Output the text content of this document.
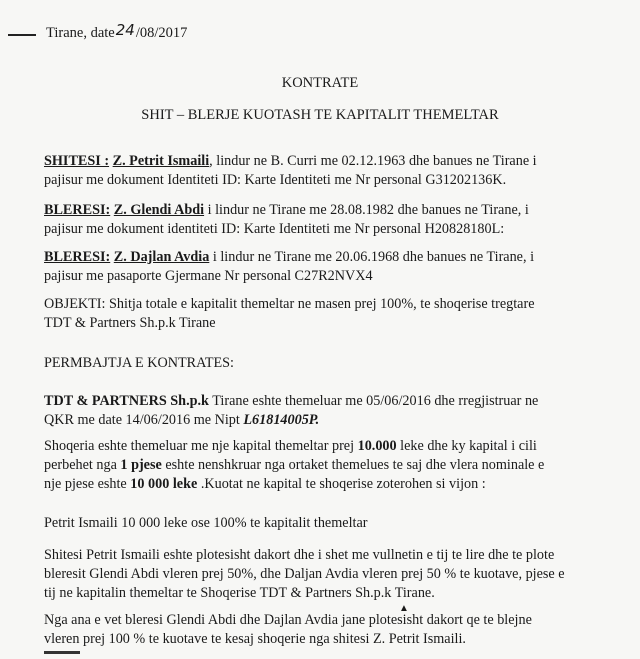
Tirane, date24/08/2017
KONTRATE
SHIT – BLERJE KUOTASH TE KAPITALIT THEMELTAR
SHITESI : Z. Petrit Ismaili, lindur ne B. Curri me 02.12.1963 dhe banues ne Tirane i
pajisur me dokument Identiteti ID: Karte Identiteti me Nr personal G31202136K.
BLERESI: Z. Glendi Abdi i lindur ne Tirane me 28.08.1982 dhe banues ne Tirane, i
pajisur me dokument identiteti ID: Karte Identiteti me Nr personal H20828180L:
BLERESI: Z. Dajlan Avdia i lindur ne Tirane me 20.06.1968 dhe banues ne Tirane, i
pajisur me pasaporte Gjermane Nr personal C27R2NVX4
OBJEKTI: Shitja totale e kapitalit themeltar ne masen prej 100%, te shoqerise tregtare
TDT & Partners Sh.p.k Tirane
PERMBAJTJA E KONTRATES:
TDT & PARTNERS Sh.p.k Tirane eshte themeluar me 05/06/2016 dhe rregjistruar ne
QKR me date 14/06/2016 me Nipt L61814005P.
Shoqeria eshte themeluar me nje kapital themeltar prej 10.000 leke dhe ky kapital i cili
perbehet nga 1 pjese eshte nenshkruar nga ortaket themelues te saj dhe vlera nominale e
nje pjese eshte 10 000 leke .Kuotat ne kapital te shoqerise zoterohen si vijon :
Petrit Ismaili 10 000 leke ose 100% te kapitalit themeltar
Shitesi Petrit Ismaili eshte plotesisht dakort dhe i shet me vullnetin e tij te lire dhe te plote
bleresit Glendi Abdi vleren prej 50%, dhe Daljan Avdia vleren prej 50 % te kuotave, pjese e
tij ne kapitalin themeltar te Shoqerise TDT & Partners Sh.p.k Tirane.
▲
Nga ana e vet bleresi Glendi Abdi dhe Dajlan Avdia jane plotesisht dakort qe te blejne
vleren prej 100 % te kuotave te kesaj shoqerie nga shitesi Z. Petrit Ismaili.
